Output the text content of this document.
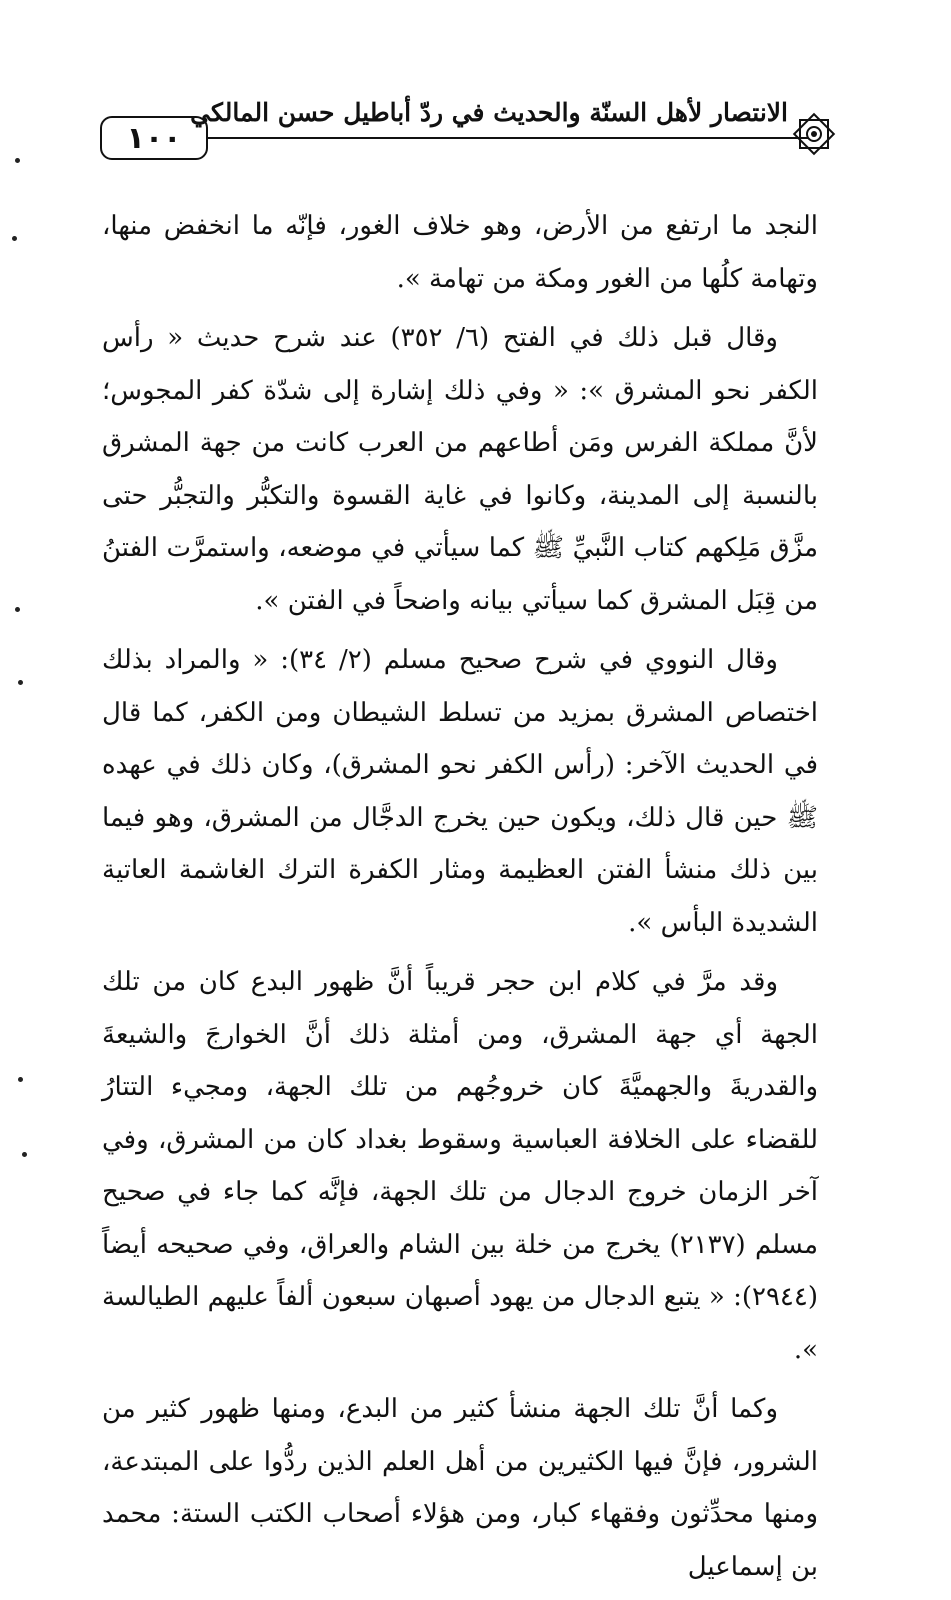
١٠٠
الانتصار لأهل السنّة والحديث في ردّ أباطيل حسن المالكي

النجد ما ارتفع من الأرض، وهو خلاف الغور، فإنّه ما انخفض منها، وتهامة كلُها من الغور ومكة من تهامة ».

وقال قبل ذلك في الفتح (٦/ ٣٥٢) عند شرح حديث « رأس الكفر نحو المشرق »: « وفي ذلك إشارة إلى شدّة كفر المجوس؛ لأنَّ مملكة الفرس ومَن أطاعهم من العرب كانت من جهة المشرق بالنسبة إلى المدينة، وكانوا في غاية القسوة والتكبُّر والتجبُّر حتى مزَّق مَلِكهم كتاب النَّبيِّ ﷺ كما سيأتي في موضعه، واستمرَّت الفتنُ من قِبَل المشرق كما سيأتي بيانه واضحاً في الفتن ».

وقال النووي في شرح صحيح مسلم (٢/ ٣٤): « والمراد بذلك اختصاص المشرق بمزيد من تسلط الشيطان ومن الكفر، كما قال في الحديث الآخر: (رأس الكفر نحو المشرق)، وكان ذلك في عهده ﷺ حين قال ذلك، ويكون حين يخرج الدجَّال من المشرق، وهو فيما بين ذلك منشأ الفتن العظيمة ومثار الكفرة الترك الغاشمة العاتية الشديدة البأس ».

وقد مرَّ في كلام ابن حجر قريباً أنَّ ظهور البدع كان من تلك الجهة أي جهة المشرق، ومن أمثلة ذلك أنَّ الخوارجَ والشيعةَ والقدريةَ والجهميَّةَ كان خروجُهم من تلك الجهة، ومجيء التتارُ للقضاء على الخلافة العباسية وسقوط بغداد كان من المشرق، وفي آخر الزمان خروج الدجال من تلك الجهة، فإنَّه كما جاء في صحيح مسلم (٢١٣٧) يخرج من خلة بين الشام والعراق، وفي صحيحه أيضاً (٢٩٤٤): « يتبع الدجال من يهود أصبهان سبعون ألفاً عليهم الطيالسة ».

وكما أنَّ تلك الجهة منشأ كثير من البدع، ومنها ظهور كثير من الشرور، فإنَّ فيها الكثيرين من أهل العلم الذين ردُّوا على المبتدعة، ومنها محدِّثون وفقهاء كبار، ومن هؤلاء أصحاب الكتب الستة: محمد بن إسماعيل
